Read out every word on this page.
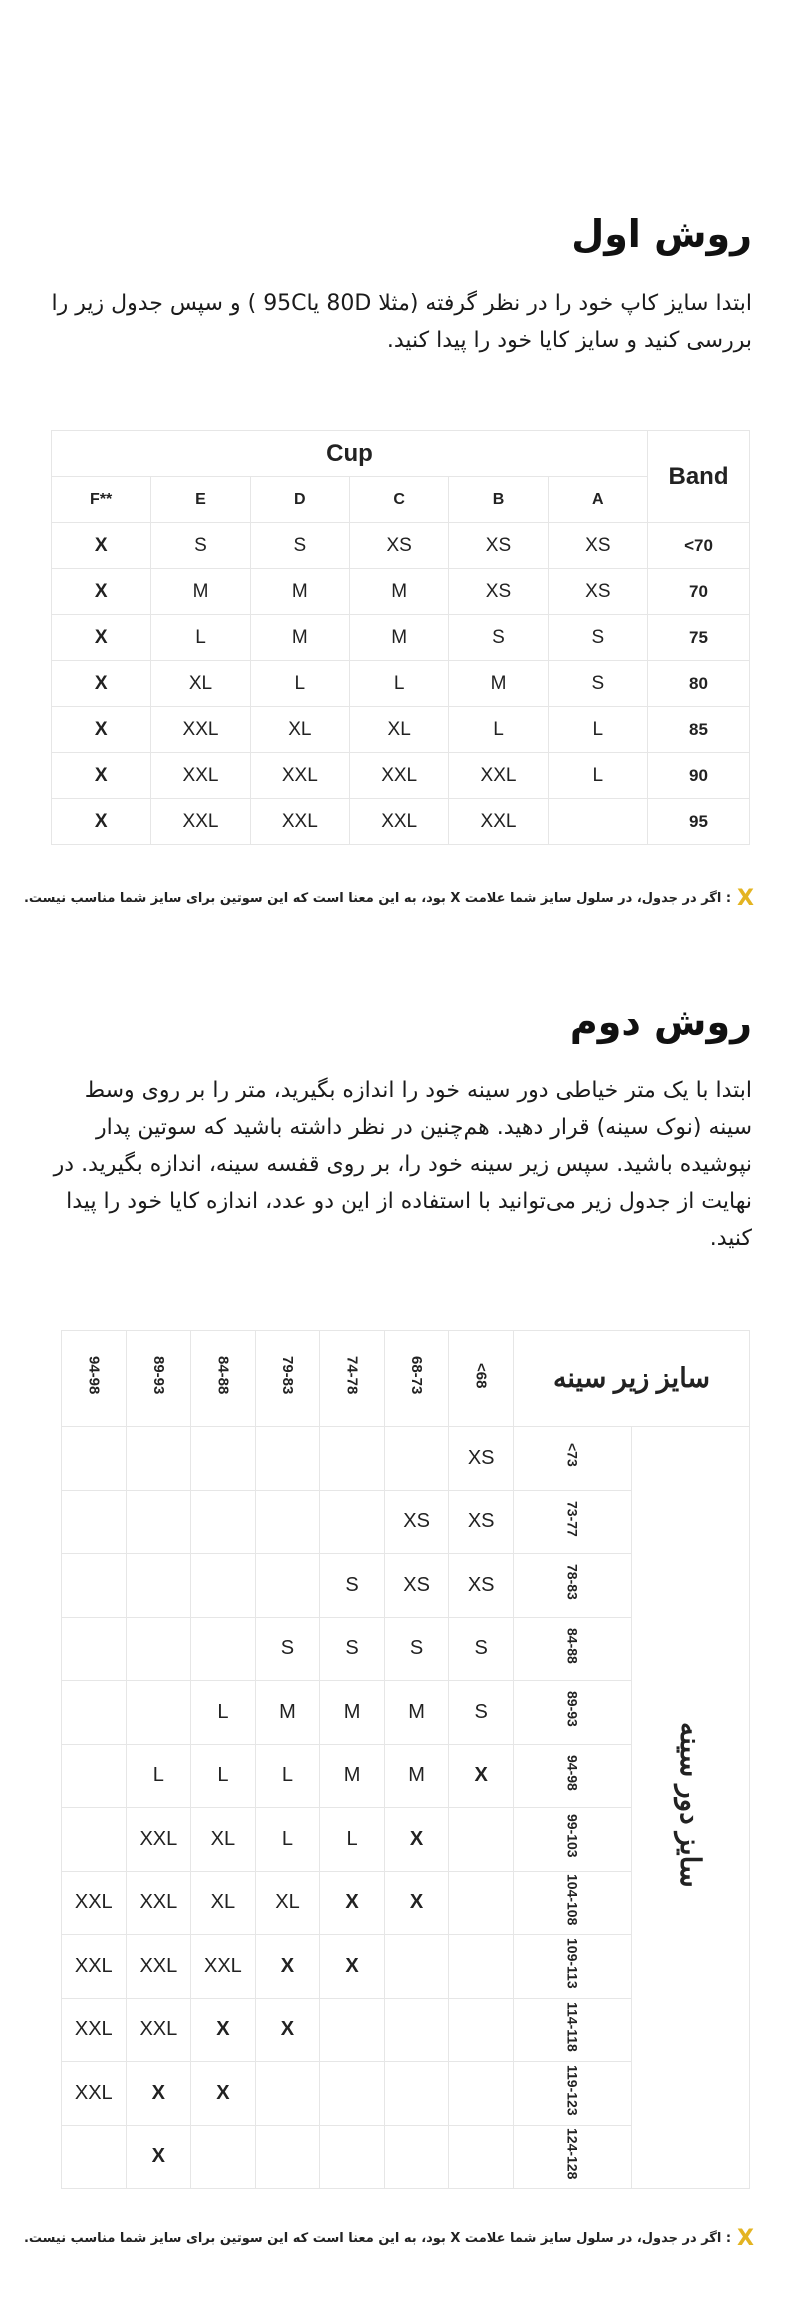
روش اول
ابتدا سایز کاپ خود را در نظر گرفته (مثلا 80D یا95C ) و سپس جدول زیر را بررسی کنید و سایز کایا خود را پیدا کنید.
Cup						Band
F**	E	D	C	B	A	
X	S	S	XS	XS	XS	<70
X	M	M	M	XS	XS	70
X	L	M	M	S	S	75
X	XL	L	L	M	S	80
X	XXL	XL	XL	L	L	85
X	XXL	XXL	XXL	XXL	L	90
X	XXL	XXL	XXL	XXL		95
X: اگر در جدول، در سلول سایز شما علامت X بود، به این معنا است که این سوتین برای سایز شما مناسب نیست.
روش دوم
ابتدا با یک متر خیاطی دور سینه خود را اندازه بگیرید، متر را بر روی وسط سینه (نوک سینه) قرار دهید. هم‌چنین در نظر داشته باشید که سوتین پدار نپوشیده باشید. سپس زیر سینه خود را، بر روی قفسه سینه، اندازه بگیرید. در نهایت از جدول زیر می‌توانید با استفاده از این دو عدد، اندازه کایا خود را پیدا کنید.
94-98	89-93	84-88	79-83	74-78	68-73	<68	سایز زیر سینه	
						XS	<73	سایز دور سینه
					XS	XS	73-77	
				S	XS	XS	78-83	
			S	S	S	S	84-88	
		L	M	M	M	S	89-93	
	L	L	L	M	M	X	94-98	
	XXL	XL	L	L	X		99-103	
XXL	XXL	XL	XL	X	X		104-108	
XXL	XXL	XXL	X	X			109-113	
XXL	XXL	X	X				114-118	
XXL	X	X					119-123	
	X						124-128	
X: اگر در جدول، در سلول سایز شما علامت X بود، به این معنا است که این سوتین برای سایز شما مناسب نیست.
